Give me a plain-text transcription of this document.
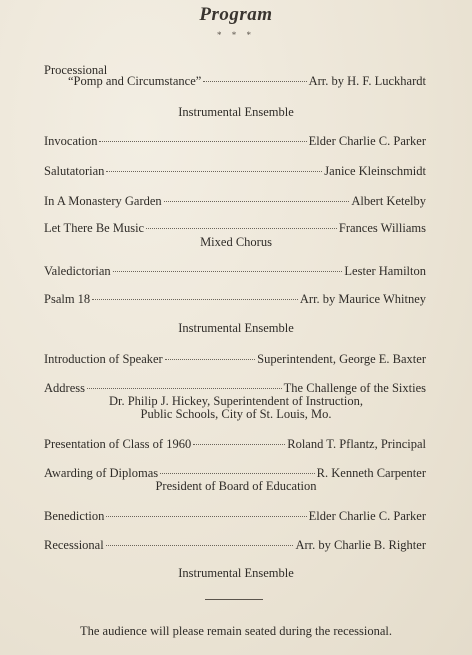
Program
* * *
Processional
“Pomp and Circumstance”	Arr. by H. F. Luckhardt
Instrumental Ensemble
Invocation	Elder Charlie C. Parker
Salutatorian	Janice Kleinschmidt
In A Monastery Garden	Albert Ketelby
Let There Be Music	Frances Williams
Mixed Chorus
Valedictorian	Lester Hamilton
Psalm 18	Arr. by Maurice Whitney
Instrumental Ensemble
Introduction of Speaker	Superintendent, George E. Baxter
Address	The Challenge of the Sixties
Dr. Philip J. Hickey, Superintendent of Instruction,
Public Schools, City of St. Louis, Mo.
Presentation of Class of 1960	Roland T. Pflantz, Principal
Awarding of Diplomas	R. Kenneth Carpenter
President of Board of Education
Benediction	Elder Charlie C. Parker
Recessional	Arr. by Charlie B. Righter
Instrumental Ensemble
The audience will please remain seated during the recessional.
